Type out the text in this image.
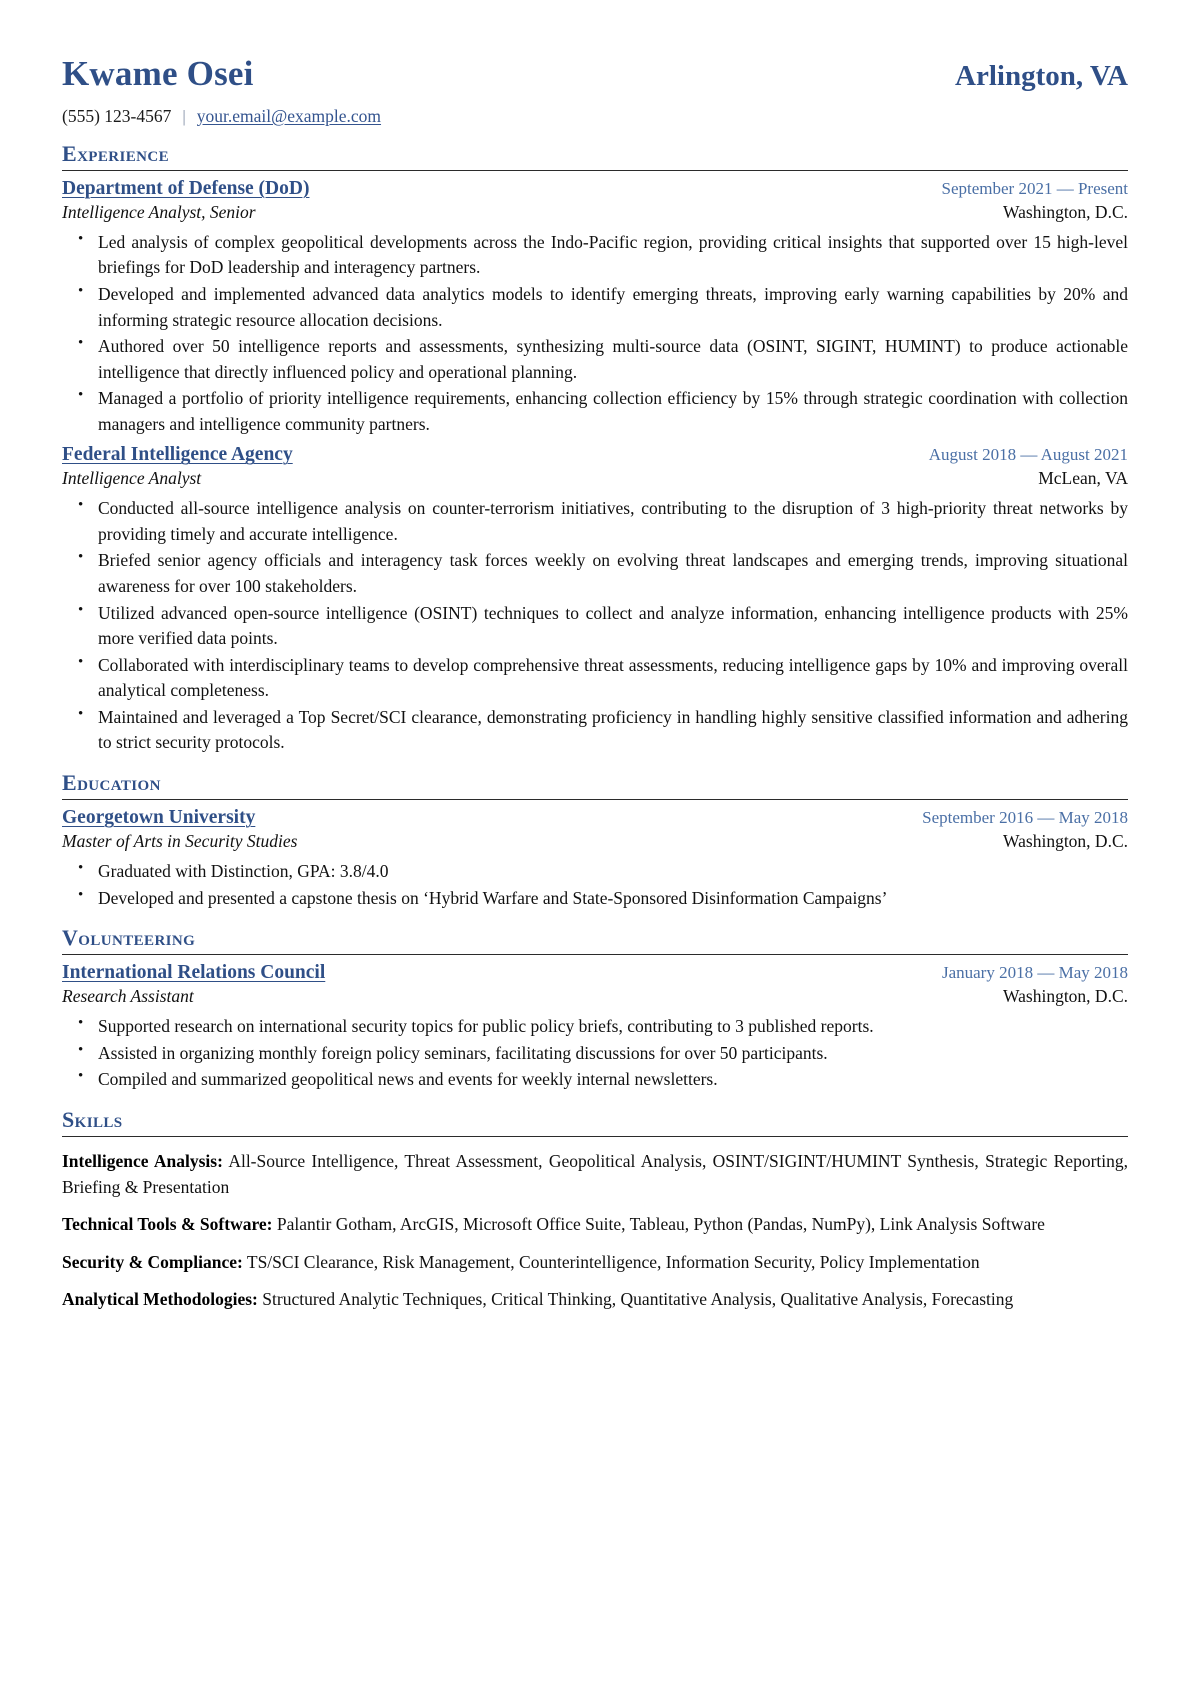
Kwame Osei	Arlington, VA
(555) 123-4567 | your.email@example.com
Experience
Department of Defense (DoD)	September 2021 — Present
Intelligence Analyst, Senior	Washington, D.C.
• Led analysis of complex geopolitical developments across the Indo-Pacific region, providing critical insights that supported over 15 high-level briefings for DoD leadership and interagency partners.
• Developed and implemented advanced data analytics models to identify emerging threats, improving early warning capabilities by 20% and informing strategic resource allocation decisions.
• Authored over 50 intelligence reports and assessments, synthesizing multi-source data (OSINT, SIGINT, HUMINT) to produce actionable intelligence that directly influenced policy and operational planning.
• Managed a portfolio of priority intelligence requirements, enhancing collection efficiency by 15% through strategic coordination with collection managers and intelligence community partners.
Federal Intelligence Agency	August 2018 — August 2021
Intelligence Analyst	McLean, VA
• Conducted all-source intelligence analysis on counter-terrorism initiatives, contributing to the disruption of 3 high-priority threat networks by providing timely and accurate intelligence.
• Briefed senior agency officials and interagency task forces weekly on evolving threat landscapes and emerging trends, improving situational awareness for over 100 stakeholders.
• Utilized advanced open-source intelligence (OSINT) techniques to collect and analyze information, enhancing intelligence products with 25% more verified data points.
• Collaborated with interdisciplinary teams to develop comprehensive threat assessments, reducing intelligence gaps by 10% and improving overall analytical completeness.
• Maintained and leveraged a Top Secret/SCI clearance, demonstrating proficiency in handling highly sensitive classified information and adhering to strict security protocols.
Education
Georgetown University	September 2016 — May 2018
Master of Arts in Security Studies	Washington, D.C.
• Graduated with Distinction, GPA: 3.8/4.0
• Developed and presented a capstone thesis on ‘Hybrid Warfare and State-Sponsored Disinformation Campaigns’
Volunteering
International Relations Council	January 2018 — May 2018
Research Assistant	Washington, D.C.
• Supported research on international security topics for public policy briefs, contributing to 3 published reports.
• Assisted in organizing monthly foreign policy seminars, facilitating discussions for over 50 participants.
• Compiled and summarized geopolitical news and events for weekly internal newsletters.
Skills
Intelligence Analysis: All-Source Intelligence, Threat Assessment, Geopolitical Analysis, OSINT/SIGINT/HUMINT Synthesis, Strategic Reporting, Briefing & Presentation
Technical Tools & Software: Palantir Gotham, ArcGIS, Microsoft Office Suite, Tableau, Python (Pandas, NumPy), Link Analysis Software
Security & Compliance: TS/SCI Clearance, Risk Management, Counterintelligence, Information Security, Policy Implementation
Analytical Methodologies: Structured Analytic Techniques, Critical Thinking, Quantitative Analysis, Qualitative Analysis, Forecasting
